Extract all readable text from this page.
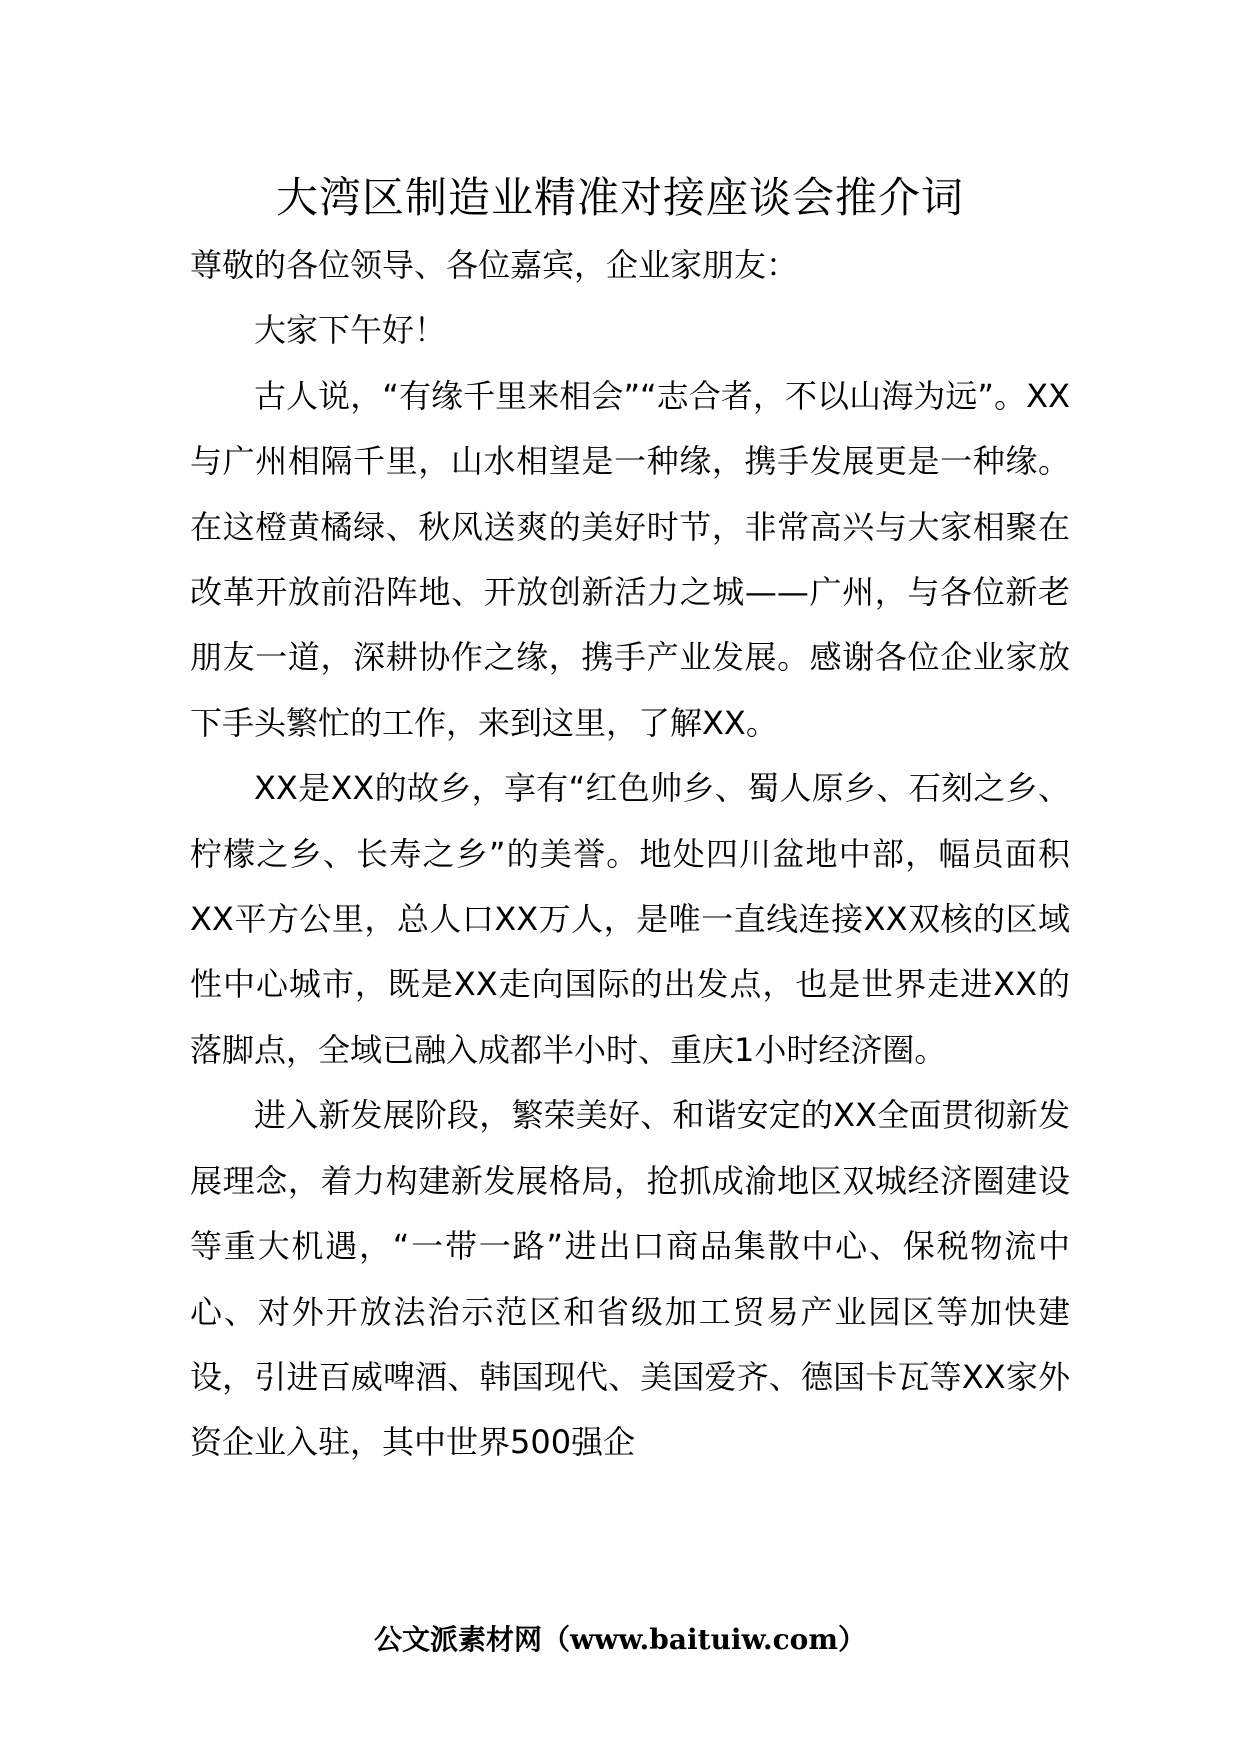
大湾区制造业精准对接座谈会推介词

尊敬的各位领导、各位嘉宾，企业家朋友：

大家下午好！

古人说，“有缘千里来相会”“志合者，不以山海为远”。XX与广州相隔千里，山水相望是一种缘，携手发展更是一种缘。在这橙黄橘绿、秋风送爽的美好时节，非常高兴与大家相聚在改革开放前沿阵地、开放创新活力之城——广州，与各位新老朋友一道，深耕协作之缘，携手产业发展。感谢各位企业家放下手头繁忙的工作，来到这里，了解XX。

XX是XX的故乡，享有“红色帅乡、蜀人原乡、石刻之乡、柠檬之乡、长寿之乡”的美誉。地处四川盆地中部，幅员面积XX平方公里，总人口XX万人，是唯一直线连接XX双核的区域性中心城市，既是XX走向国际的出发点，也是世界走进XX的落脚点，全域已融入成都半小时、重庆1小时经济圈。

进入新发展阶段，繁荣美好、和谐安定的XX全面贯彻新发展理念，着力构建新发展格局，抢抓成渝地区双城经济圈建设等重大机遇，“一带一路”进出口商品集散中心、保税物流中心、对外开放法治示范区和省级加工贸易产业园区等加快建设，引进百威啤酒、韩国现代、美国爱齐、德国卡瓦等XX家外资企业入驻，其中世界500强企

公文派素材网（www.baituiw.com）
